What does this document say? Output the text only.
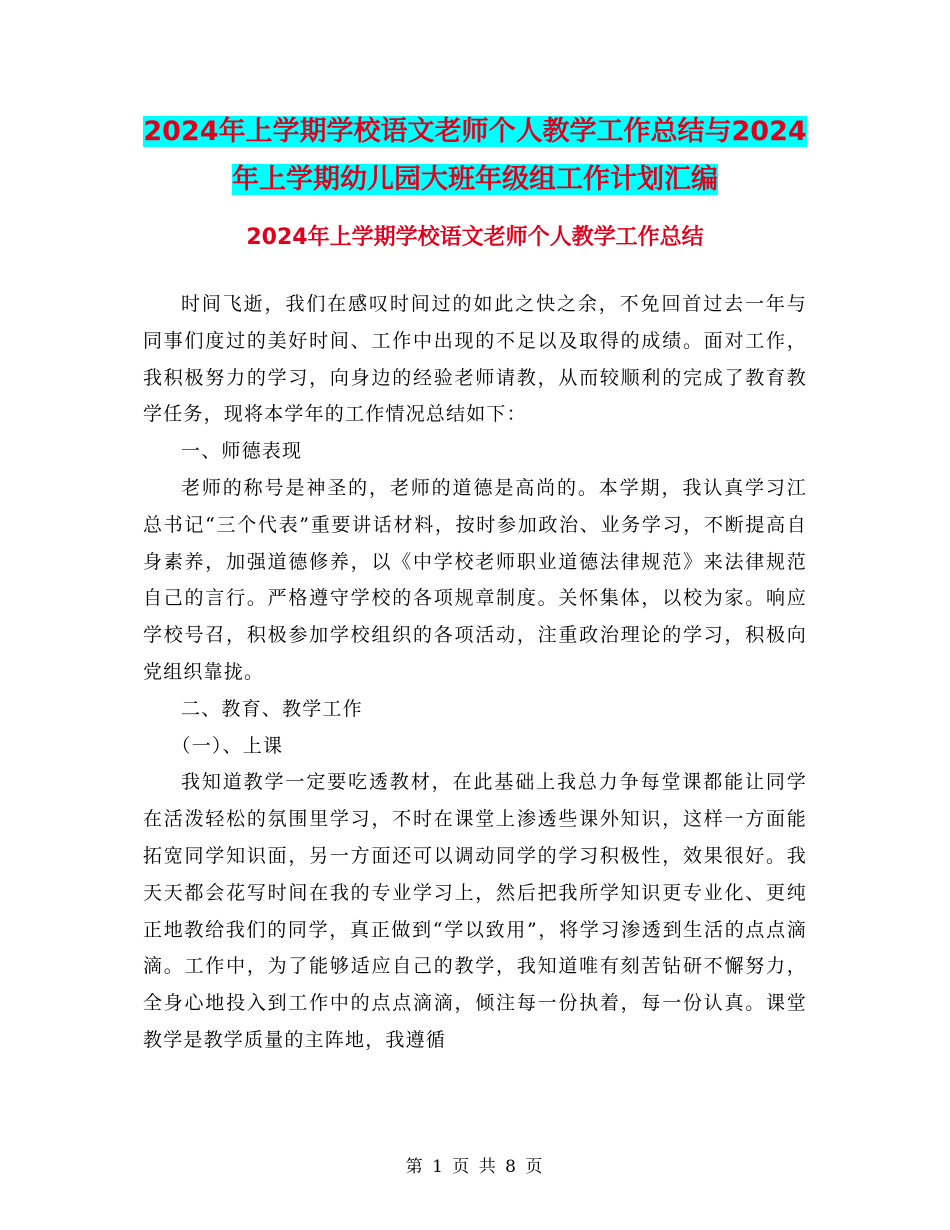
2024年上学期学校语文老师个人教学工作总结与2024
年上学期幼儿园大班年级组工作计划汇编
2024年上学期学校语文老师个人教学工作总结

时间飞逝，我们在感叹时间过的如此之快之余，不免回首过去一年与同事们度过的美好时间、工作中出现的不足以及取得的成绩。面对工作，我积极努力的学习，向身边的经验老师请教，从而较顺利的完成了教育教学任务，现将本学年的工作情况总结如下：

一、师德表现

老师的称号是神圣的，老师的道德是高尚的。本学期，我认真学习江总书记“三个代表”重要讲话材料，按时参加政治、业务学习，不断提高自身素养，加强道德修养，以《中学校老师职业道德法律规范》来法律规范自己的言行。严格遵守学校的各项规章制度。关怀集体，以校为家。响应学校号召，积极参加学校组织的各项活动，注重政治理论的学习，积极向党组织靠拢。

二、教育、教学工作

（一）、上课

我知道教学一定要吃透教材，在此基础上我总力争每堂课都能让同学在活泼轻松的氛围里学习，不时在课堂上渗透些课外知识，这样一方面能拓宽同学知识面，另一方面还可以调动同学的学习积极性，效果很好。我天天都会花写时间在我的专业学习上，然后把我所学知识更专业化、更纯正地教给我们的同学，真正做到“学以致用”，将学习渗透到生活的点点滴滴。工作中，为了能够适应自己的教学，我知道唯有刻苦钻研不懈努力，全身心地投入到工作中的点点滴滴，倾注每一份执着，每一份认真。课堂教学是教学质量的主阵地，我遵循

第 1 页 共 8 页
